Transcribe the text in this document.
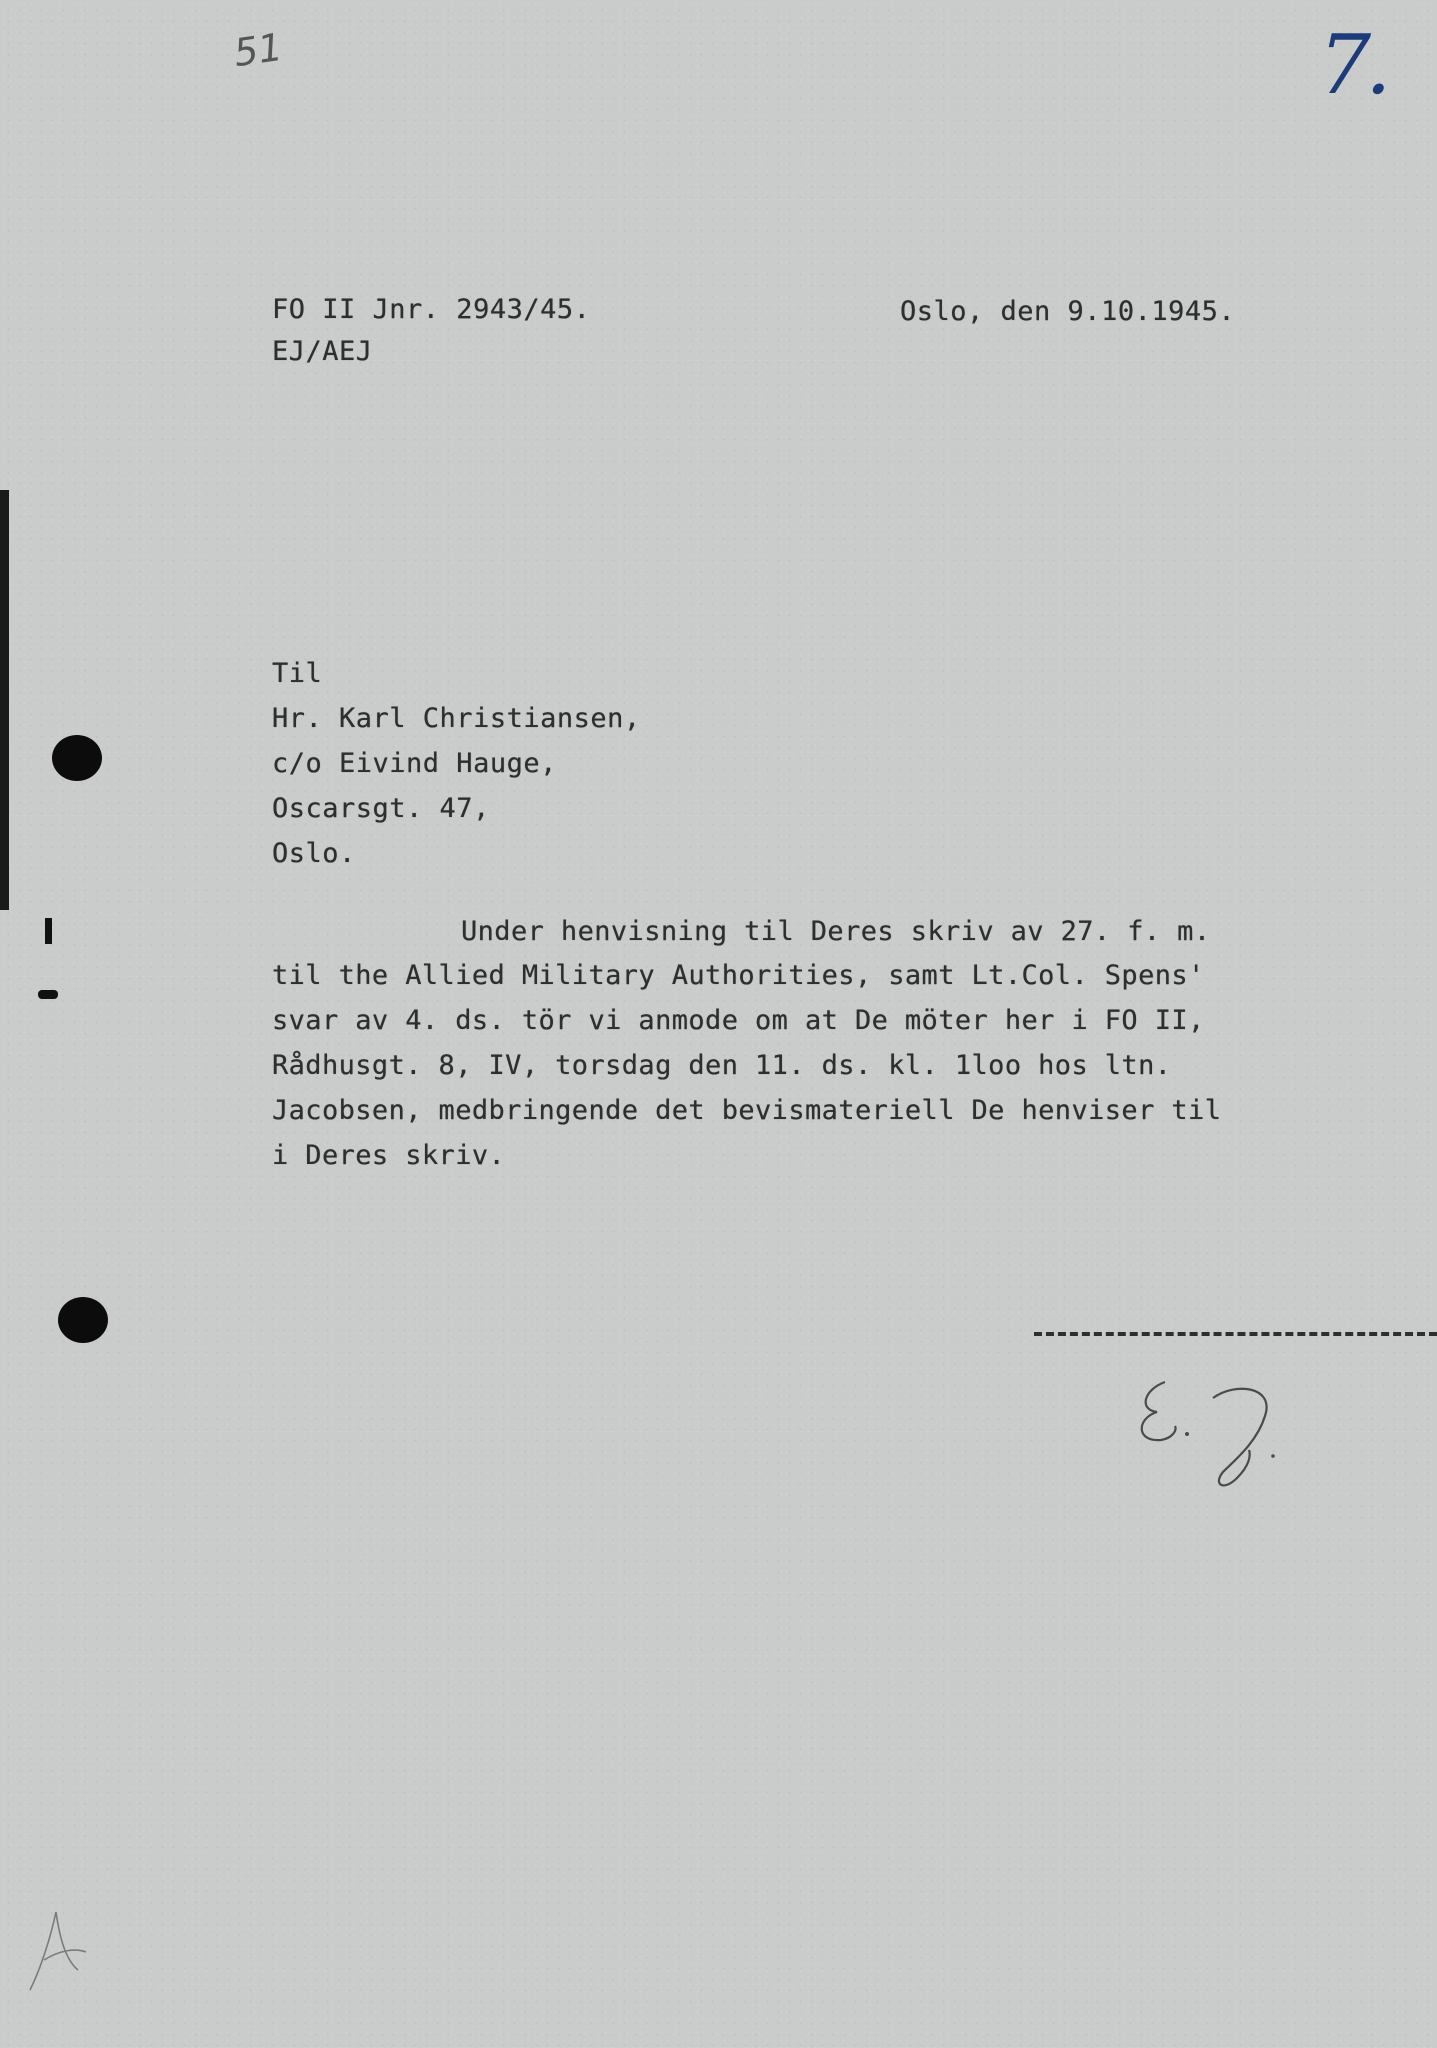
51	7.
FO II Jnr. 2943/45.
EJ/AEJ
Oslo, den 9.10.1945.
Til
Hr. Karl Christiansen,
c/o Eivind Hauge,
Oscarsgt. 47,
Oslo.
Under henvisning til Deres skriv av 27. f. m.
til the Allied Military Authorities, samt Lt.Col. Spens'
svar av 4. ds. tör vi anmode om at De möter her i FO II,
Rådhusgt. 8, IV, torsdag den 11. ds. kl. 1loo hos ltn.
Jacobsen, medbringende det bevismateriell De henviser til
i Deres skriv.
